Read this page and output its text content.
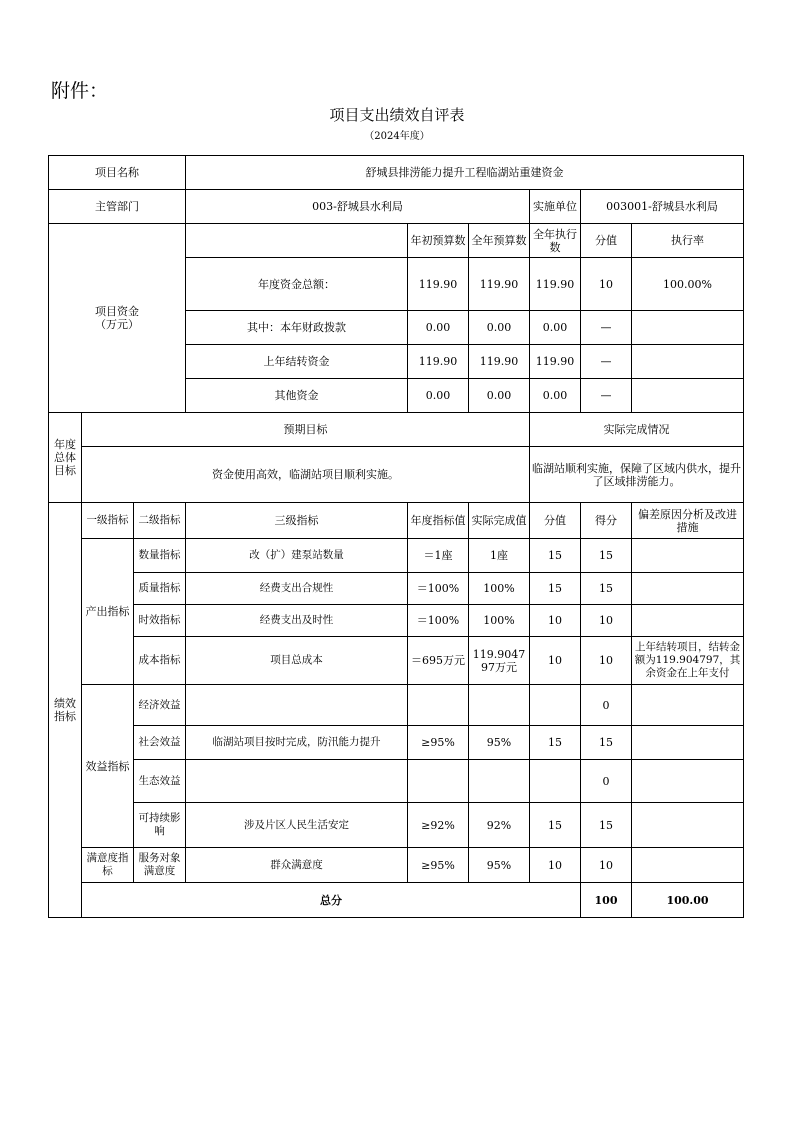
附件：
项目支出绩效自评表
（2024年度）
项目名称			舒城县排涝能力提升工程临湖站重建资金						
主管部门			003-舒城县水利局			实施单位	003001-舒城县水利局		
项目资金
（万元）				年初预算数	全年预算数	全年执行数	分值	执行率	
			年度资金总额：	119.90	119.90	119.90	10	100.00%	
			其中：本年财政拨款	0.00	0.00	0.00	—		
			上年结转资金	119.90	119.90	119.90	—		
			其他资金	0.00	0.00	0.00	—		
年度总体目标	预期目标					实际完成情况			
	资金使用高效，临湖站项目顺利实施。					临湖站顺利实施，保障了区域内供水，提升了区域排涝能力。			
绩效指标	一级指标	二级指标	三级指标	年度指标值	实际完成值	分值	得分	偏差原因分析及改进措施	
	产出指标	数量指标	改（扩）建泵站数量	＝1座	1座	15	15		
		质量指标	经费支出合规性	＝100%	100%	15	15		
		时效指标	经费支出及时性	＝100%	100%	10	10		
		成本指标	项目总成本	＝695万元	119.904797万元	10	10	上年结转项目，结转金额为119.904797，其余资金在上年支付	
	效益指标	经济效益					0		
		社会效益	临湖站项目按时完成，防汛能力提升	≥95%	95%	15	15		
		生态效益					0		
		可持续影响	涉及片区人民生活安定	≥92%	92%	15	15		
	满意度指标	服务对象满意度	群众满意度	≥95%	95%	10	10		
	总分						100	100.00	
